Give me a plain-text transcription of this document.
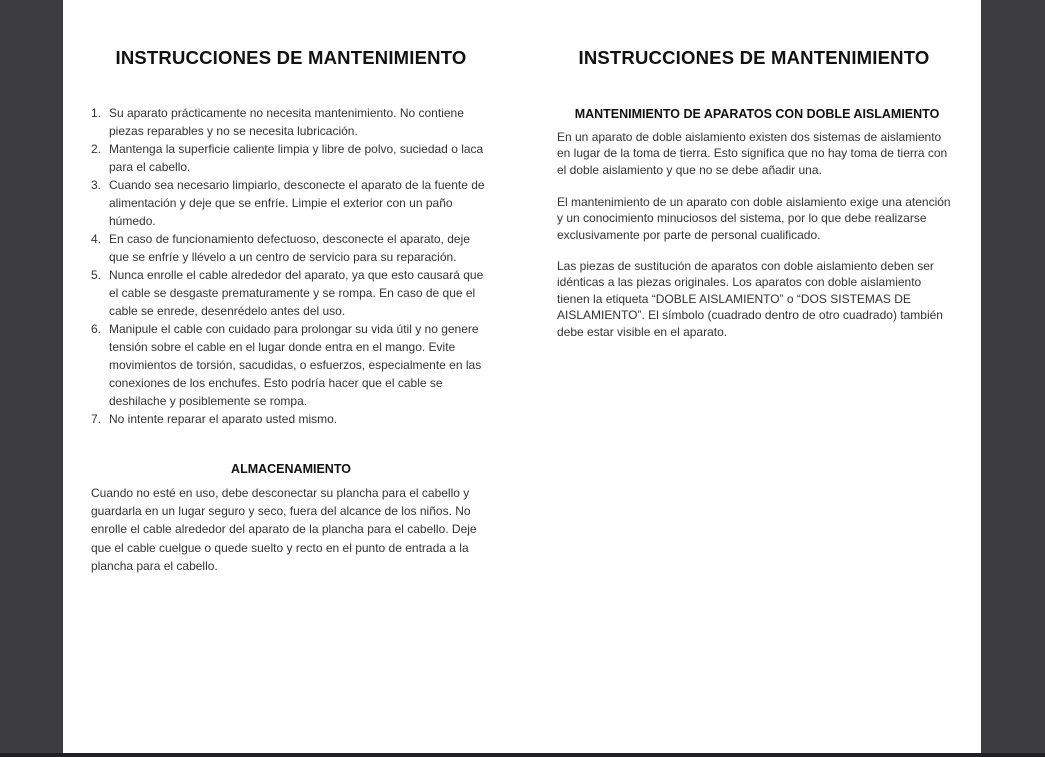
INSTRUCCIONES DE MANTENIMIENTO
1. Su aparato prácticamente no necesita mantenimiento. No contiene piezas reparables y no se necesita lubricación.
2. Mantenga la superficie caliente limpia y libre de polvo, suciedad o laca para el cabello.
3. Cuando sea necesario limpiarlo, desconecte el aparato de la fuente de alimentación y deje que se enfríe. Limpie el exterior con un paño húmedo.
4. En caso de funcionamiento defectuoso, desconecte el aparato, deje que se enfríe y llévelo a un centro de servicio para su reparación.
5. Nunca enrolle el cable alrededor del aparato, ya que esto causará que el cable se desgaste prematuramente y se rompa. En caso de que el cable se enrede, desenrédelo antes del uso.
6. Manipule el cable con cuidado para prolongar su vida útil y no genere tensión sobre el cable en el lugar donde entra en el mango. Evite movimientos de torsión, sacudidas, o esfuerzos, especialmente en las conexiones de los enchufes. Esto podría hacer que el cable se deshilache y posiblemente se rompa.
7. No intente reparar el aparato usted mismo.
ALMACENAMIENTO

Cuando no esté en uso, debe desconectar su plancha para el cabello y guardarla en un lugar seguro y seco, fuera del alcance de los niños. No enrolle el cable alrededor del aparato de la plancha para el cabello. Deje que el cable cuelgue o quede suelto y recto en el punto de entrada a la plancha para el cabello.

INSTRUCCIONES DE MANTENIMIENTO
MANTENIMIENTO DE APARATOS CON DOBLE AISLAMIENTO

En un aparato de doble aislamiento existen dos sistemas de aislamiento en lugar de la toma de tierra. Esto significa que no hay toma de tierra con el doble aislamiento y que no se debe añadir una.

El mantenimiento de un aparato con doble aislamiento exige una atención y un conocimiento minuciosos del sistema, por lo que debe realizarse exclusivamente por parte de personal cualificado.

Las piezas de sustitución de aparatos con doble aislamiento deben ser idénticas a las piezas originales. Los aparatos con doble aislamiento tienen la etiqueta “DOBLE AISLAMIENTO” o “DOS SISTEMAS DE AISLAMIENTO”. El símbolo (cuadrado dentro de otro cuadrado) también debe estar visible en el aparato.
